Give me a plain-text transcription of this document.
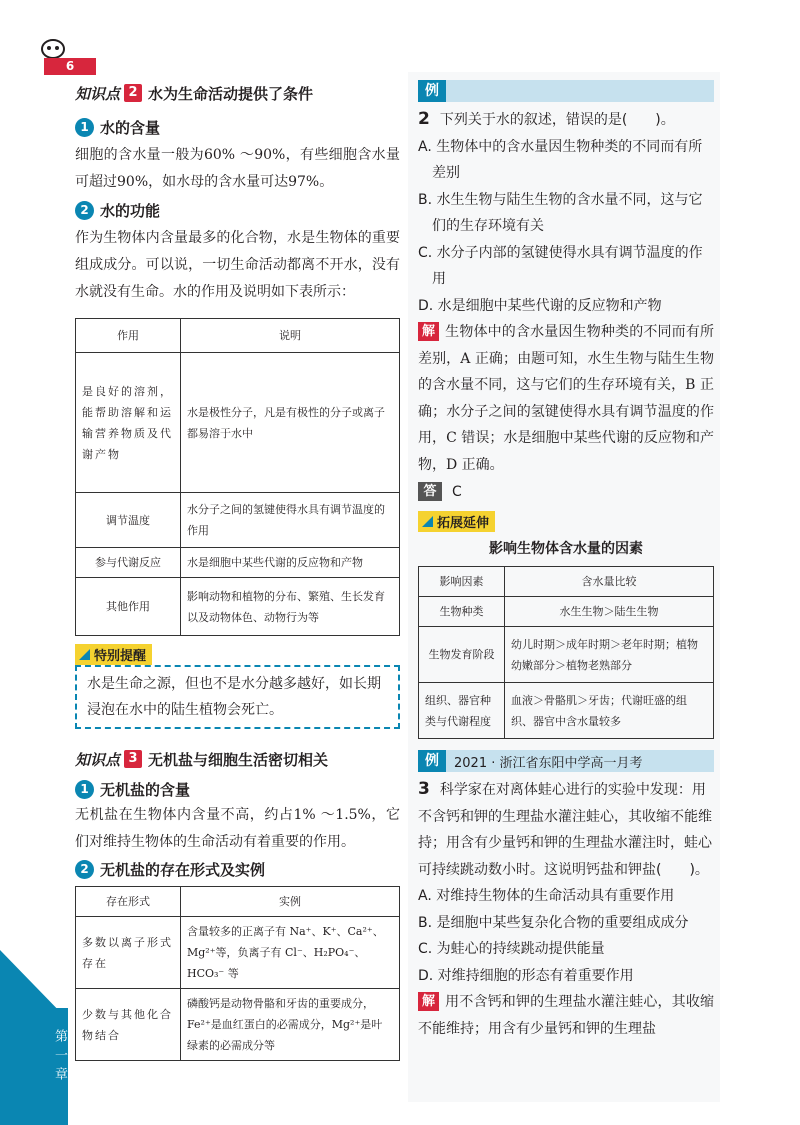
6
第一章
知识点 2 水为生命活动提供了条件
1 水的含量

细胞的含水量一般为60% ～90%，有些细胞含水量可超过90%，如水母的含水量可达97%。

2 水的功能

作为生物体内含量最多的化合物，水是生物体的重要组成成分。可以说，一切生命活动都离不开水，没有水就没有生命。水的作用及说明如下表所示：

作用	说明
是良好的溶剂，能帮助溶解和运输营养物质及代谢产物	水是极性分子，凡是有极性的分子或离子都易溶于水中
调节温度	水分子之间的氢键使得水具有调节温度的作用
参与代谢反应	水是细胞中某些代谢的反应物和产物
其他作用	影响动物和植物的分布、繁殖、生长发育以及动物体色、动物行为等
特别提醒
水是生命之源，但也不是水分越多越好，如长期浸泡在水中的陆生植物会死亡。
知识点 3 无机盐与细胞生活密切相关
1 无机盐的含量

无机盐在生物体内含量不高，约占1% ～1.5%，它们对维持生物体的生命活动有着重要的作用。

2 无机盐的存在形式及实例
存在形式	实例
多数以离子形式存在	含量较多的正离子有 Na⁺、K⁺、Ca²⁺、Mg²⁺等，负离子有 Cl⁻、H₂PO₄⁻、HCO₃⁻ 等
少数与其他化合物结合	磷酸钙是动物骨骼和牙齿的重要成分，Fe²⁺是血红蛋白的必需成分，Mg²⁺是叶绿素的必需成分等
例

2 下列关于水的叙述，错误的是(　　)。

A. 生物体中的含水量因生物种类的不同而有所差别

B. 水生生物与陆生生物的含水量不同，这与它们的生存环境有关

C. 水分子内部的氢键使得水具有调节温度的作用

D. 水是细胞中某些代谢的反应物和产物

解 生物体中的含水量因生物种类的不同而有所差别，A 正确；由题可知，水生生物与陆生生物的含水量不同，这与它们的生存环境有关，B 正确；水分子之间的氢键使得水具有调节温度的作用，C 错误；水是细胞中某些代谢的反应物和产物，D 正确。

答	C
拓展延伸

影响生物体含水量的因素

影响因素	含水量比较
生物种类	水生生物＞陆生生物
生物发育阶段	幼儿时期＞成年时期＞老年时期；植物幼嫩部分＞植物老熟部分
组织、器官种类与代谢程度	血液＞骨骼肌＞牙齿；代谢旺盛的组织、器官中含水量较多
例	2021 · 浙江省东阳中学高一月考

3 科学家在对离体蛙心进行的实验中发现：用不含钙和钾的生理盐水灌注蛙心，其收缩不能维持；用含有少量钙和钾的生理盐水灌注时，蛙心可持续跳动数小时。这说明钙盐和钾盐(　　)。

A. 对维持生物体的生命活动具有重要作用

B. 是细胞中某些复杂化合物的重要组成成分

C. 为蛙心的持续跳动提供能量

D. 对维持细胞的形态有着重要作用

解 用不含钙和钾的生理盐水灌注蛙心，其收缩不能维持；用含有少量钙和钾的生理盐
